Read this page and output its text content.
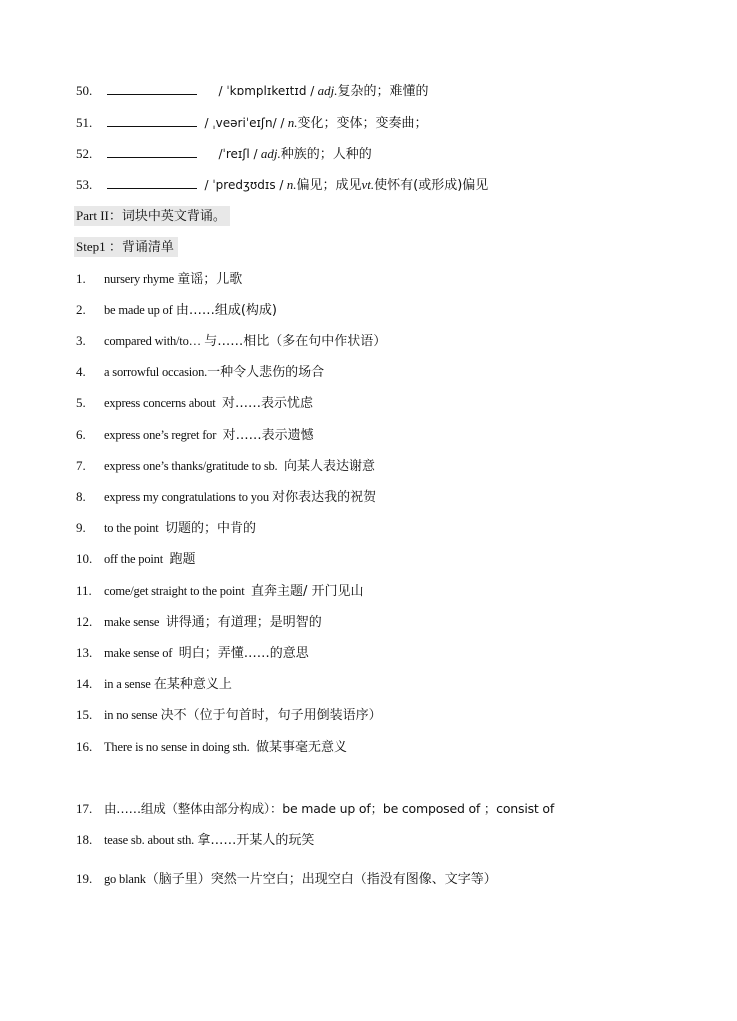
50.	/ ˈkɒmplɪkeɪtɪd / adj.复杂的；难懂的
51.	/ ˌveəriˈeɪʃn/ / n.变化；变体；变奏曲；
52.	/ˈreɪʃl / adj.种族的；人种的
53.	/ ˈpredʒʊdɪs / n.偏见；成见vt.使怀有(或形成)偏见
Part II：词块中英文背诵。
Step1 ：背诵清单
1. nursery rhyme 童谣；儿歌
2. be made up of 由……组成(构成)
3. compared with/to… 与……相比（多在句中作状语）
4. a sorrowful occasion.一种令人悲伤的场合
5. express concerns about 对……表示忧虑
6. express one’s regret for 对……表示遗憾
7. express one’s thanks/gratitude to sb. 向某人表达谢意
8. express my congratulations to you 对你表达我的祝贺
9. to the point 切题的；中肯的
10. off the point 跑题
11. come/get straight to the point 直奔主题/ 开门见山
12. make sense 讲得通；有道理；是明智的
13. make sense of 明白；弄懂……的意思
14. in a sense 在某种意义上
15. in no sense 决不（位于句首时，句子用倒装语序）
16. There is no sense in doing sth. 做某事毫无意义
17. 由……组成（整体由部分构成）：be made up of；be composed of ；consist of
18. tease sb. about sth. 拿……开某人的玩笑
19. go blank（脑子里）突然一片空白；出现空白（指没有图像、文字等）
